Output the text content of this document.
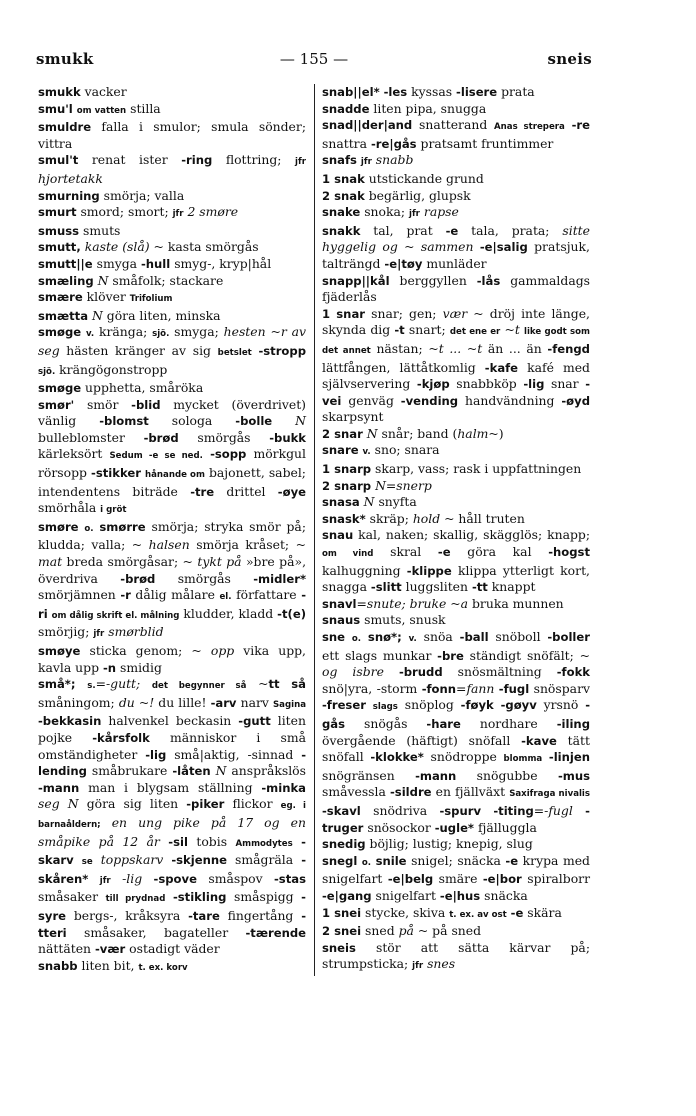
smukk	— 155 —	sneis
smukk vacker
smu'l om vatten stilla
smuldre falla i smulor; smula sönder; vittra
smul't renat ister -ring flottring; jfr hjortetakk
smurning smörja; valla
smurt smord; smort; jfr 2 smøre
smuss smuts
smutt, kaste (slå) ~ kasta smörgås
smutt||e smyga -hull smyg-, kryp|hål
smæling N småfolk; stackare
smære klöver Trifolium
smætta N göra liten, minska
smøge v. kränga; sjö. smyga; hesten ~r av seg hästen kränger av sig betslet -stropp sjö. krängögonstropp
smøge upphetta, småröka
smør' smör -blid mycket (överdrivet) vänlig -blomst sologa -bolle N bulleblomster -brød smörgås -bukk kärleksört Sedum -e se ned. -sopp mörkgul rörsopp -stikker hånande om bajonett, sabel; intendentens biträde -tre drittel -øye smörhåla i gröt
smøre o. smørre smörja; stryka smör på; kludda; valla; ~ halsen smörja kråset; ~ mat breda smörgåsar; ~ tykt på »bre på», överdriva -brød smörgås -midler* smörjämnen -r dålig målare el. författare -ri om dålig skrift el. målning kludder, kladd -t(e) smörjig; jfr smørblid
smøye sticka genom; ~ opp vika upp, kavla upp -n smidig
små*; s.=-gutt; det begynner så ~tt så småningom; du ~! du lille! -arv narv Sagina -bekkasin halvenkel beckasin -gutt liten pojke -kårsfolk människor i små omständigheter -lig små|aktig, -sinnad -lending småbrukare -låten N anspråkslös -mann man i blygsam ställning -minka seg N göra sig liten -piker flickor eg. i barnaåldern; en ung pike på 17 og en småpike på 12 år -sil tobis Ammodytes -skarv se toppskarv -skjenne smågräla -skåren* jfr -lig -spove småspov -stas småsaker till prydnad -stikling småspigg -syre bergs-, kråksyra -tare fingertång -tteri småsaker, bagateller -tærende nättäten -vær ostadigt väder
snabb liten bit, t. ex. korv
snab||el* -les kyssas -lisere prata
snadde liten pipa, snugga
snad||der|and snatterand Anas strepera -re snattra -re|gås pratsamt fruntimmer
snafs jfr snabb
1 snak utstickande grund
2 snak begärlig, glupsk
snake snoka; jfr rapse
snakk tal, prat -e tala, prata; sitte hyggelig og ~ sammen -e|salig pratsjuk, talträngd -e|tøy munläder
snapp||kål berggyllen -lås gammaldags fjäderlås
1 snar snar; gen; vær ~ dröj inte länge, skynda dig -t snart; det ene er ~t like godt som det annet nästan; ~t ... ~t än ... än -fengd lättfången, lättåtkomlig -kafe kafé med självservering -kjøp snabbköp -lig snar -vei genväg -vending handvändning -øyd skarpsynt
2 snar N snår; band (halm~)
snare v. sno; snara
1 snarp skarp, vass; rask i uppfattningen
2 snarp N=snerp
snasa N snyfta
snask* skräp; hold ~ håll truten
snau kal, naken; skallig, skägglös; knapp; om vind skral -e göra kal -hogst kalhuggning -klippe klippa ytterligt kort, snagga -slitt luggsliten -tt knappt
snavl=snute; bruke ~a bruka munnen
snaus smuts, snusk
sne o. snø*; v. snöa -ball snöboll -boller ett slags munkar -bre ständigt snöfält; ~ og isbre -brudd snösmältning -fokk snö|yra, -storm -fonn=fann -fugl snösparv -freser slags snöplog -føyk -gøyv yrsnö -gås snögås -hare nordhare -iling övergående (häftigt) snöfall -kave tätt snöfall -klokke* snödroppe blomma -linjen snögränsen -mann snögubbe -mus småvessla -sildre en fjällväxt Saxifraga nivalis -skavl snödriva -spurv -titing=-fugl -truger snösockor -ugle* fjälluggla
snedig böjlig; lustig; knepig, slug
snegl o. snile snigel; snäcka -e krypa med snigelfart -e|belg smäre -e|bor spiralborr -e|gang snigelfart -e|hus snäcka
1 snei stycke, skiva t. ex. av ost -e skära
2 snei sned på ~ på sned
sneis stör att sätta kärvar på; strumpsticka; jfr snes
